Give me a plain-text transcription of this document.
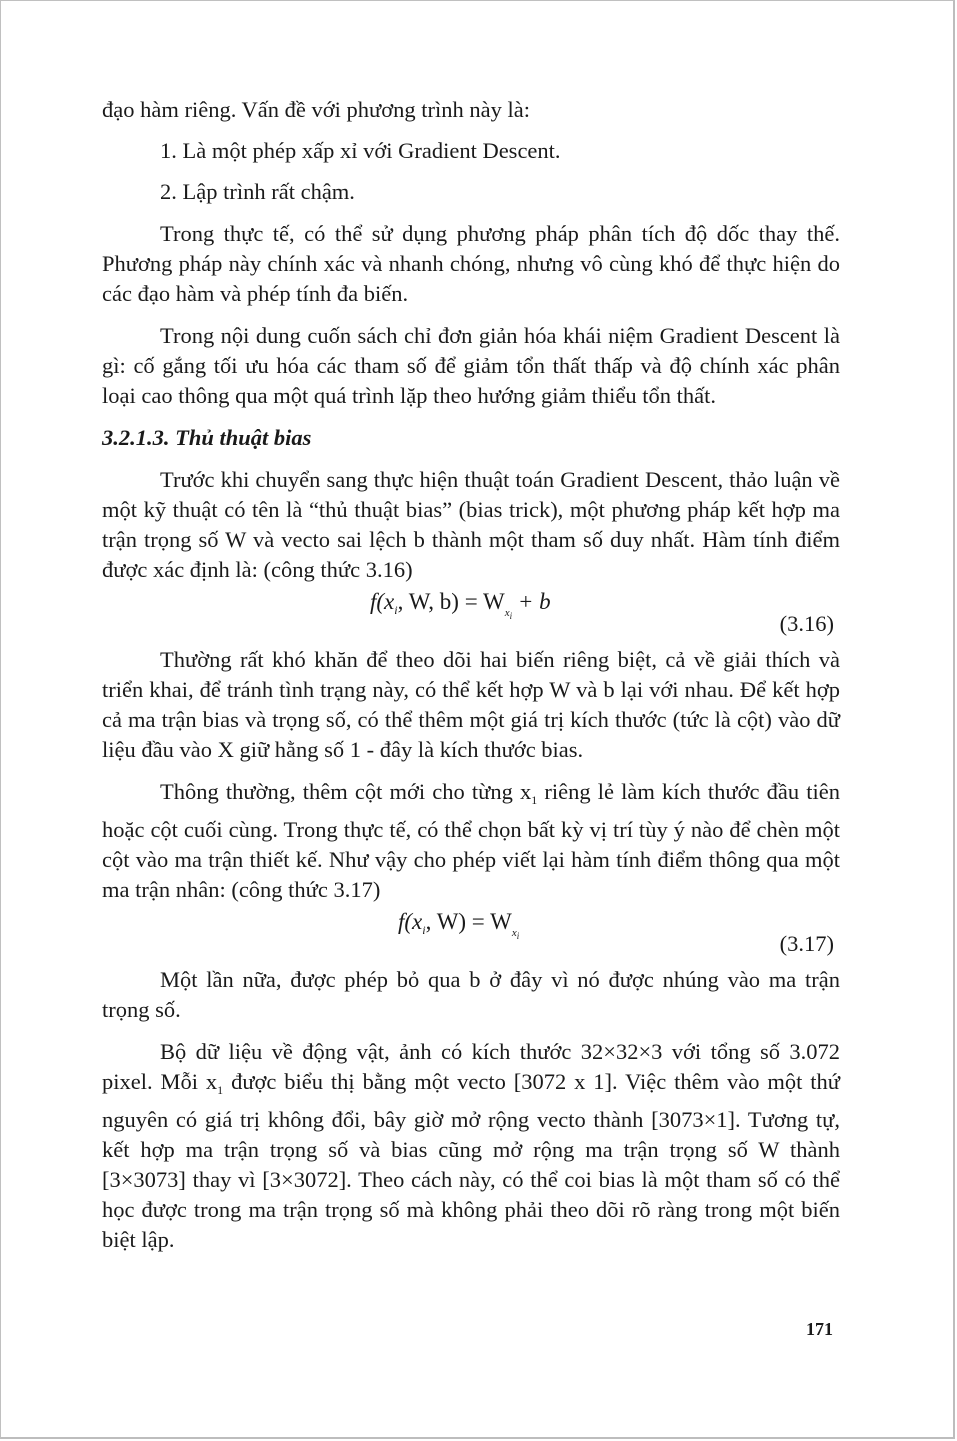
đạo hàm riêng. Vấn đề với phương trình này là:

1. Là một phép xấp xỉ với Gradient Descent.

2. Lập trình rất chậm.

Trong thực tế, có thể sử dụng phương pháp phân tích độ dốc thay thế. Phương pháp này chính xác và nhanh chóng, nhưng vô cùng khó để thực hiện do các đạo hàm và phép tính đa biến.

Trong nội dung cuốn sách chỉ đơn giản hóa khái niệm Gradient Descent là gì: cố gắng tối ưu hóa các tham số để giảm tổn thất thấp và độ chính xác phân loại cao thông qua một quá trình lặp theo hướng giảm thiểu tổn thất.

3.2.1.3. Thủ thuật bias

Trước khi chuyển sang thực hiện thuật toán Gradient Descent, thảo luận về một kỹ thuật có tên là “thủ thuật bias” (bias trick), một phương pháp kết hợp ma trận trọng số W và vecto sai lệch b thành một tham số duy nhất. Hàm tính điểm được xác định là: (công thức 3.16)

$f(x_i$, W, $b) = W_{x_i} + b$
(3.16)

Thường rất khó khăn để theo dõi hai biến riêng biệt, cả về giải thích và triển khai, để tránh tình trạng này, có thể kết hợp W và b lại với nhau. Để kết hợp cả ma trận bias và trọng số, có thể thêm một giá trị kích thước (tức là cột) vào dữ liệu đầu vào X giữ hằng số 1 - đây là kích thước bias.

Thông thường, thêm cột mới cho từng $x_1$ riêng lẻ làm kích thước đầu tiên hoặc cột cuối cùng. Trong thực tế, có thể chọn bất kỳ vị trí tùy ý nào để chèn một cột vào ma trận thiết kế. Như vậy cho phép viết lại hàm tính điểm thông qua một ma trận nhân: (công thức 3.17)

$f(x_i$, $W) = W_{x_i}$	(3.17)

Một lần nữa, được phép bỏ qua b ở đây vì nó được nhúng vào ma trận trọng số.

Bộ dữ liệu về động vật, ảnh có kích thước 32×32×3 với tổng số 3.072 pixel. Mỗi $x_1$ được biểu thị bằng một vecto [3072 x 1]. Việc thêm vào một thứ nguyên có giá trị không đổi, bây giờ mở rộng vecto thành [3073×1]. Tương tự, kết hợp ma trận trọng số và bias cũng mở rộng ma trận trọng số W thành [3×3073] thay vì [3×3072]. Theo cách này, có thể coi bias là một tham số có thể học được trong ma trận trọng số mà không phải theo dõi rõ ràng trong một biến biệt lập.

171
